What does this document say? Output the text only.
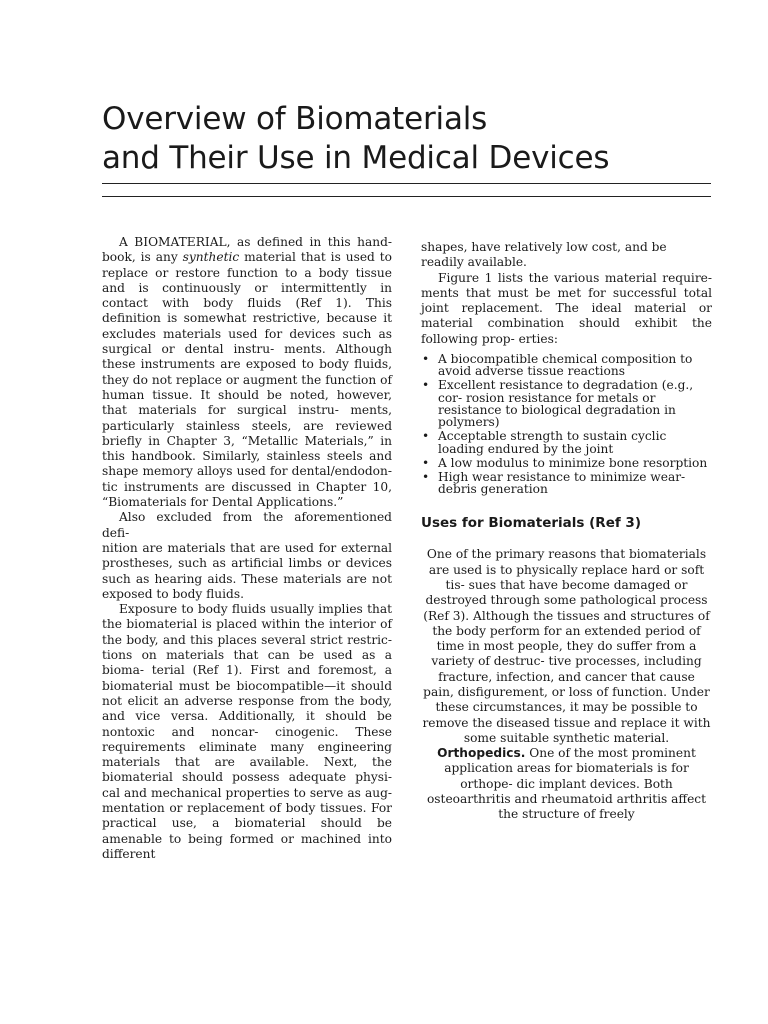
Overview of Biomaterials
and Their Use in Medical Devices

A BIOMATERIAL, as defined in this hand- book, is any synthetic material that is used to replace or restore function to a body tissue and is continuously or intermittently in contact with body fluids (Ref 1). This definition is somewhat restrictive, because it excludes materials used for devices such as surgical or dental instru- ments. Although these instruments are exposed to body fluids, they do not replace or augment the function of human tissue. It should be noted, however, that materials for surgical instru- ments, particularly stainless steels, are reviewed briefly in Chapter 3, “Metallic Materials,” in this handbook. Similarly, stainless steels and shape memory alloys used for dental/endodon- tic instruments are discussed in Chapter 10, “Biomaterials for Dental Applications.”

Also excluded from the aforementioned defi-

nition are materials that are used for external prostheses, such as artificial limbs or devices such as hearing aids. These materials are not exposed to body fluids.

Exposure to body fluids usually implies that the biomaterial is placed within the interior of the body, and this places several strict restric- tions on materials that can be used as a bioma- terial (Ref 1). First and foremost, a biomaterial must be biocompatible—it should not elicit an adverse response from the body, and vice versa. Additionally, it should be nontoxic and noncar- cinogenic. These requirements eliminate many engineering materials that are available. Next, the biomaterial should possess adequate physi- cal and mechanical properties to serve as aug- mentation or replacement of body tissues. For practical use, a biomaterial should be amenable to being formed or machined into different

shapes, have relatively low cost, and be readily available.

Figure 1 lists the various material require- ments that must be met for successful total joint replacement. The ideal material or material combination should exhibit the following prop- erties:

• A biocompatible chemical composition to avoid adverse tissue reactions
• Excellent resistance to degradation (e.g., cor- rosion resistance for metals or resistance to biological degradation in polymers)
• Acceptable strength to sustain cyclic loading endured by the joint
• A low modulus to minimize bone resorption
• High wear resistance to minimize wear- debris generation
Uses for Biomaterials (Ref 3)

One of the primary reasons that biomaterials are used is to physically replace hard or soft tis- sues that have become damaged or destroyed through some pathological process (Ref 3). Although the tissues and structures of the body perform for an extended period of time in most people, they do suffer from a variety of destruc- tive processes, including fracture, infection, and cancer that cause pain, disfigurement, or loss of function. Under these circumstances, it may be possible to remove the diseased tissue and replace it with some suitable synthetic material. Orthopedics. One of the most prominent application areas for biomaterials is for orthope- dic implant devices. Both osteoarthritis and rheumatoid arthritis affect the structure of freely
